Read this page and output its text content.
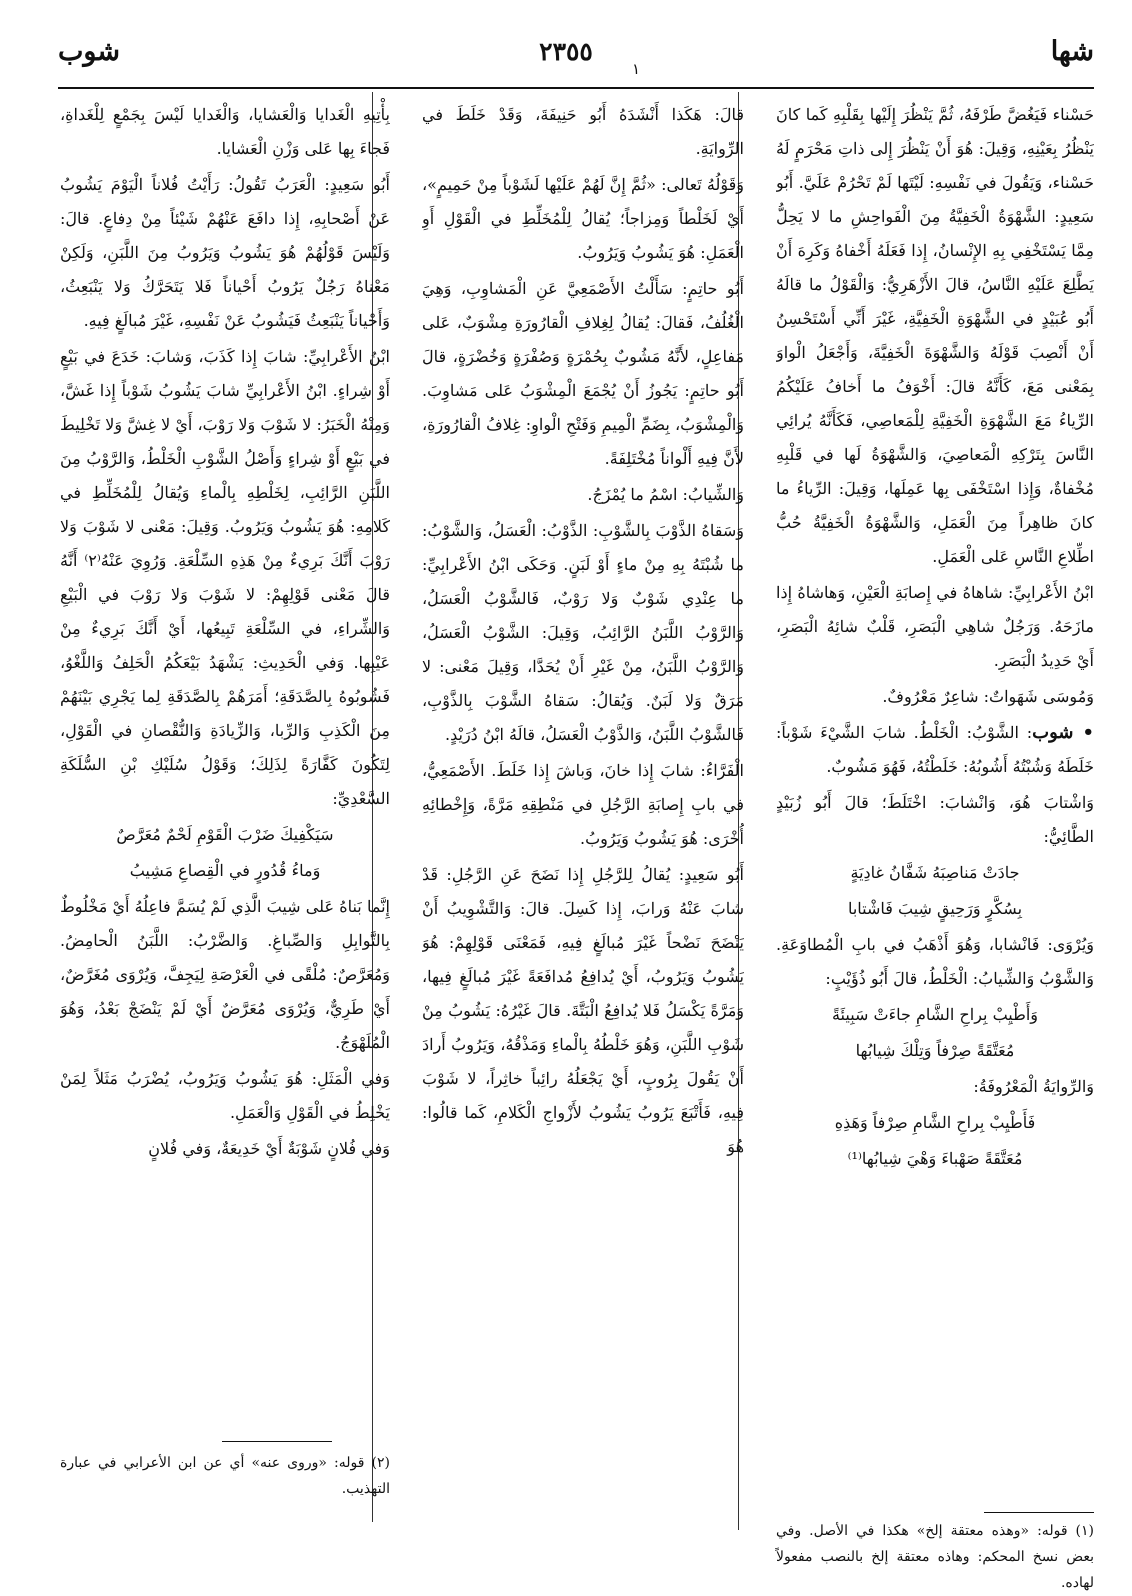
شها
٢٣٥٥
شوب
١

حَسْناء فَيَغُضَّ طَرْفَهُ، ثُمَّ يَنْظُرَ إِلَيْها بِقَلْبِهِ كَما كانَ يَنْظُرُ بِعَيْنِهِ، وَقِيلَ: هُوَ أَنْ يَنْظُرَ إِلى ذاتِ مَحْرَمٍ لَهُ حَسْناء، وَيَقُولَ في نَفْسِهِ: لَيْتَها لَمْ تَحْرُمْ عَلَيَّ. أَبُو سَعِيدٍ: الشَّهْوَةُ الْخَفِيَّةُ مِنَ الْفَواحِشِ ما لا يَحِلُّ مِمَّا يَسْتَخْفِي بِهِ الإِنْسانُ، إِذا فَعَلَهُ أَخْفاهُ وَكَرِهَ أَنْ يَطَّلِعَ عَلَيْهِ النَّاسُ، قالَ الأَزْهَرِيُّ: وَالْقَوْلُ ما قالَهُ أَبُو عُبَيْدٍ في الشَّهْوَةِ الْخَفِيَّةِ، غَيْرَ أَنِّي أَسْتَحْسِنُ أَنْ أَنْصِبَ قَوْلَهُ وَالشَّهْوَةَ الْخَفِيَّةَ، وَأَجْعَلُ الْواوَ بِمَعْنى مَعَ، كَأَنَّهُ قالَ: أَخْوَفُ ما أَخافُ عَلَيْكُمُ الرِّياءُ مَعَ الشَّهْوَةِ الْخَفِيَّةِ لِلْمَعاصِي، فَكَأَنَّهُ يُرائِي النَّاسَ بِتَرْكِهِ الْمَعاصِيَ، وَالشَّهْوَةُ لَها في قَلْبِهِ مُخْفاةٌ، وَإِذا اسْتَخْفَى بِها عَمِلَها، وَقِيلَ: الرِّياءُ ما كانَ ظاهِراً مِنَ الْعَمَلِ، وَالشَّهْوَةُ الْخَفِيَّةُ حُبُّ اطِّلاعِ النَّاسِ عَلى الْعَمَلِ.

ابْنُ الأَعْرابِيِّ: شاهاهُ في إِصابَةِ الْعَيْنِ، وَهاشاهُ إِذا مازَحَهُ. وَرَجُلٌ شاهِي الْبَصَرِ، قَلْبٌ شائِهُ الْبَصَرِ، أَيْ حَدِيدُ الْبَصَرِ.

وَمُوسَى شَهَواتٌ: شاعِرٌ مَعْرُوفٌ.

• شوب: الشَّوْبُ: الْخَلْطُ. شابَ الشَّيْءَ شَوْباً: خَلَطَهُ وَشُبْتُهُ أَشُوبُهُ: خَلَطْتُهُ، فَهُوَ مَشُوبٌ.

وَاشْتابَ هُوَ، وَانْشابَ: اخْتَلَطَ؛ قالَ أَبُو زُبَيْدٍ الطَّائِيُّ:

جادَتْ مَناصِبَهُ شَفَّانُ غادِيَةٍ

بِسُكَّرٍ وَرَحِيقٍ شِيبَ فَاشْتابا

وَيُرْوَى: فَانْشابا، وَهُوَ أَذْهَبُ في بابِ الْمُطاوَعَةِ. وَالشَّوْبُ وَالشِّيابُ: الْخَلْطُ، قالَ أَبُو ذُؤَيْبٍ:

وَأَطْيِبْ بِراحِ الشَّامِ جاءَتْ سَبِيئَةً

مُعَتَّقَةً صِرْفاً وَتِلْكَ شِيابُها

وَالرِّوايَةُ الْمَعْرُوفَةُ:

فَأَطْيِبْ بِراحِ الشَّامِ صِرْفاً وَهَذِهِ

مُعَتَّقَةً صَهْباءَ وَهْيَ شِيابُها⁽¹⁾

قالَ: هَكَذا أَنْشَدَهُ أَبُو حَنِيفَةَ، وَقَدْ خَلَطَ في الرِّوايَةِ.

وَقَوْلُهُ تَعالى: «ثُمَّ إِنَّ لَهُمْ عَلَيْها لَشَوْباً مِنْ حَمِيمٍ»، أَيْ لَخَلْطاً وَمِزاجاً؛ يُقالُ لِلْمُخَلِّطِ في الْقَوْلِ أَوِ الْعَمَلِ: هُوَ يَشُوبُ وَيَرُوبُ.

أَبُو حاتِمٍ: سَأَلْتُ الأَصْمَعِيَّ عَنِ الْمَشاوِبِ، وَهِيَ الْغُلُفُ، فَقالَ: يُقالُ لِغِلافِ الْقارُورَةِ مِشْوَبٌ، عَلى مَفاعِلٍ، لأَنَّهُ مَشُوبٌ بِحُمْرَةٍ وَصُفْرَةٍ وَخُضْرَةٍ، قالَ أَبُو حاتِمٍ: يَجُوزُ أَنْ يُجْمَعَ الْمِشْوَبُ عَلى مَشاوِبَ. وَالْمِشْوَبُ، بِضَمِّ الْمِيمِ وَفَتْحِ الْواوِ: غِلافُ الْقارُورَةِ، لأَنَّ فِيهِ أَلْواناً مُخْتَلِفَةً.

وَالشِّيابُ: اسْمُ ما يُمْزَجُ.

وَسَقاهُ الذَّوْبَ بِالشَّوْبِ: الذَّوْبُ: الْعَسَلُ، وَالشَّوْبُ: ما شُبْتَهُ بِهِ مِنْ ماءٍ أَوْ لَبَنٍ. وَحَكَى ابْنُ الأَعْرابِيِّ: ما عِنْدِي شَوْبٌ وَلا رَوْبٌ، فَالشَّوْبُ الْعَسَلُ، وَالرَّوْبُ اللَّبَنُ الرَّائِبُ، وَقِيلَ: الشَّوْبُ الْعَسَلُ، وَالرَّوْبُ اللَّبَنُ، مِنْ غَيْرِ أَنْ يُحَدَّا، وَقِيلَ مَعْنى: لا مَرَقٌ وَلا لَبَنٌ. وَيُقالُ: سَقاهُ الشَّوْبَ بِالذَّوْبِ، فَالشَّوْبُ اللَّبَنُ، وَالذَّوْبُ الْعَسَلُ، قالَهُ ابْنُ دُرَيْدٍ.

الْفَرَّاءُ: شابَ إِذا خانَ، وَباشَ إِذا خَلَطَ. الأَصْمَعِيُّ، في بابِ إِصابَةِ الرَّجُلِ في مَنْطِقِهِ مَرَّةً، وَإِخْطائِهِ أُخْرَى: هُوَ يَشُوبُ وَيَرُوبُ.

أَبُو سَعِيدٍ: يُقالُ لِلرَّجُلِ إِذا نَضَحَ عَنِ الرَّجُلِ: قَدْ شابَ عَنْهُ وَرابَ، إِذا كَسِلَ. قالَ: وَالتَّشْوِيبُ أَنْ يَنْضَحَ نَضْحاً غَيْرَ مُبالَغٍ فِيهِ، فَمَعْنَى قَوْلِهِمْ: هُوَ يَشُوبُ وَيَرُوبُ، أَيْ يُدافِعُ مُدافَعَةً غَيْرَ مُبالَغٍ فِيها، وَمَرَّةً يَكْسَلُ فَلا يُدافِعُ الْبَتَّةَ. قالَ غَيْرُهُ: يَشُوبُ مِنْ شَوْبِ اللَّبَنِ، وَهُوَ خَلْطُهُ بِالْماءِ وَمَذْقُهُ، وَيَرُوبُ أَرادَ أَنْ يَقُولَ بِرُوبٍ، أَيْ يَجْعَلُهُ رائِباً خاثِراً، لا شَوْبَ فِيهِ، فَأَتْبَعَ يَرُوبُ يَشُوبُ لأَزْواجِ الْكَلامِ، كَما قالُوا: هُوَ

بِأْتِيهِ الْغَدايا وَالْعَشايا، وَالْغَدايا لَيْسَ بِجَمْعٍ لِلْغَداةِ، فَجاءَ بِها عَلى وَزْنِ الْعَشايا.

أَبُو سَعِيدٍ: الْعَرَبُ تَقُولُ: رَأَيْتُ فُلاناً الْيَوْمَ يَشُوبُ عَنْ أَصْحابِهِ، إِذا دافَعَ عَنْهُمْ شَيْئاً مِنْ دِفاعٍ. قالَ: وَلَيْسَ قَوْلُهُمْ هُوَ يَشُوبُ وَيَرُوبُ مِنَ اللَّبَنِ، وَلَكِنْ مَعْناهُ رَجُلٌ يَرُوبُ أَحْياناً فَلا يَتَحَرَّكُ وَلا يَنْبَعِثُ، وَأَحْياناً يَنْبَعِثُ فَيَشُوبُ عَنْ نَفْسِهِ، غَيْرَ مُبالَغٍ فِيهِ.

ابْنُ الأَعْرابِيِّ: شابَ إِذا كَذَبَ، وَشابَ: خَدَعَ في بَيْعٍ أَوْ شِراءٍ. ابْنُ الأَعْرابِيِّ شابَ يَشُوبُ شَوْباً إِذا غَشَّ، وَمِنْهُ الْخَبَرُ: لا شَوْبَ وَلا رَوْبَ، أَيْ لا غِشَّ وَلا تَخْلِيطَ في بَيْعٍ أَوْ شِراءٍ وَأَصْلُ الشَّوْبِ الْخَلْطُ، وَالرَّوْبُ مِنَ اللَّبَنِ الرَّائِبِ، لِخَلْطِهِ بِالْماءِ وَيُقالُ لِلْمُخَلِّطِ في كَلامِهِ: هُوَ يَشُوبُ وَيَرُوبُ. وَقِيلَ: مَعْنى لا شَوْبَ وَلا رَوْبَ أَنَّكَ بَرِيءٌ مِنْ هَذِهِ السِّلْعَةِ. وَرُوِيَ عَنْهُ⁽٢⁾ أَنَّهُ قالَ مَعْنى قَوْلِهِمْ: لا شَوْبَ وَلا رَوْبَ في الْبَيْعِ وَالشِّراءِ، في السِّلْعَةِ تَبِيعُها، أَيْ أَنَّكَ بَرِيءٌ مِنْ عَيْبِها. وَفي الْحَدِيثِ: يَشْهَدُ بَيْعَكُمُ الْحَلِفُ وَاللَّغْوُ، فَشُوبُوهُ بِالصَّدَقَةِ؛ أَمَرَهُمْ بِالصَّدَقَةِ لِما يَجْرِي بَيْنَهُمْ مِنَ الْكَذِبِ وَالرِّبا، وَالزِّيادَةِ وَالنُّقْصانِ في الْقَوْلِ، لِتَكُونَ كَفَّارَةً لِذَلِكَ؛ وَقَوْلُ سُلَيْكِ بْنِ السُّلَكَةِ السَّعْدِيِّ:

سَيَكْفِيكَ ضَرْبَ الْقَوْمِ لَحْمٌ مُعَرَّصٌ

وَماءُ قُدُورٍ في الْقِصاعِ مَشِيبُ

إِنَّما بَناهُ عَلى شِيبَ الَّذِي لَمْ يُسَمَّ فاعِلُهُ أَيْ مَخْلُوطٌ بِالتَّوابِلِ وَالصِّباغِ. وَالضَّرْبُ: اللَّبَنُ الْحامِضُ. وَمُعَرَّصٌ: مُلْقًى في الْعَرْصَةِ لِيَجِفَّ، وَيُرْوَى مُغَرَّضٌ، أَيْ طَرِيٌّ، وَيُرْوَى مُعَرَّضٌ أَيْ لَمْ يَنْضَجْ بَعْدُ، وَهُوَ الْمُلَهْوَجُ.

وَفي الْمَثَلِ: هُوَ يَشُوبُ وَيَرُوبُ، يُضْرَبُ مَثَلاً لِمَنْ يَخْلِطُ في الْقَوْلِ وَالْعَمَلِ.

وَفي فُلانٍ شَوْبَةٌ أَيْ خَدِيعَةٌ، وَفي فُلانٍ

(٢) قوله: «وروى عنه» أي عن ابن الأعرابي في عبارة التهذيب.
(١) قوله: «وهذه معتقة إلخ» هكذا في الأصل. وفي بعض نسخ المحكم: وهاذه معتقة إلخ بالنصب مفعولاً لهاده.
